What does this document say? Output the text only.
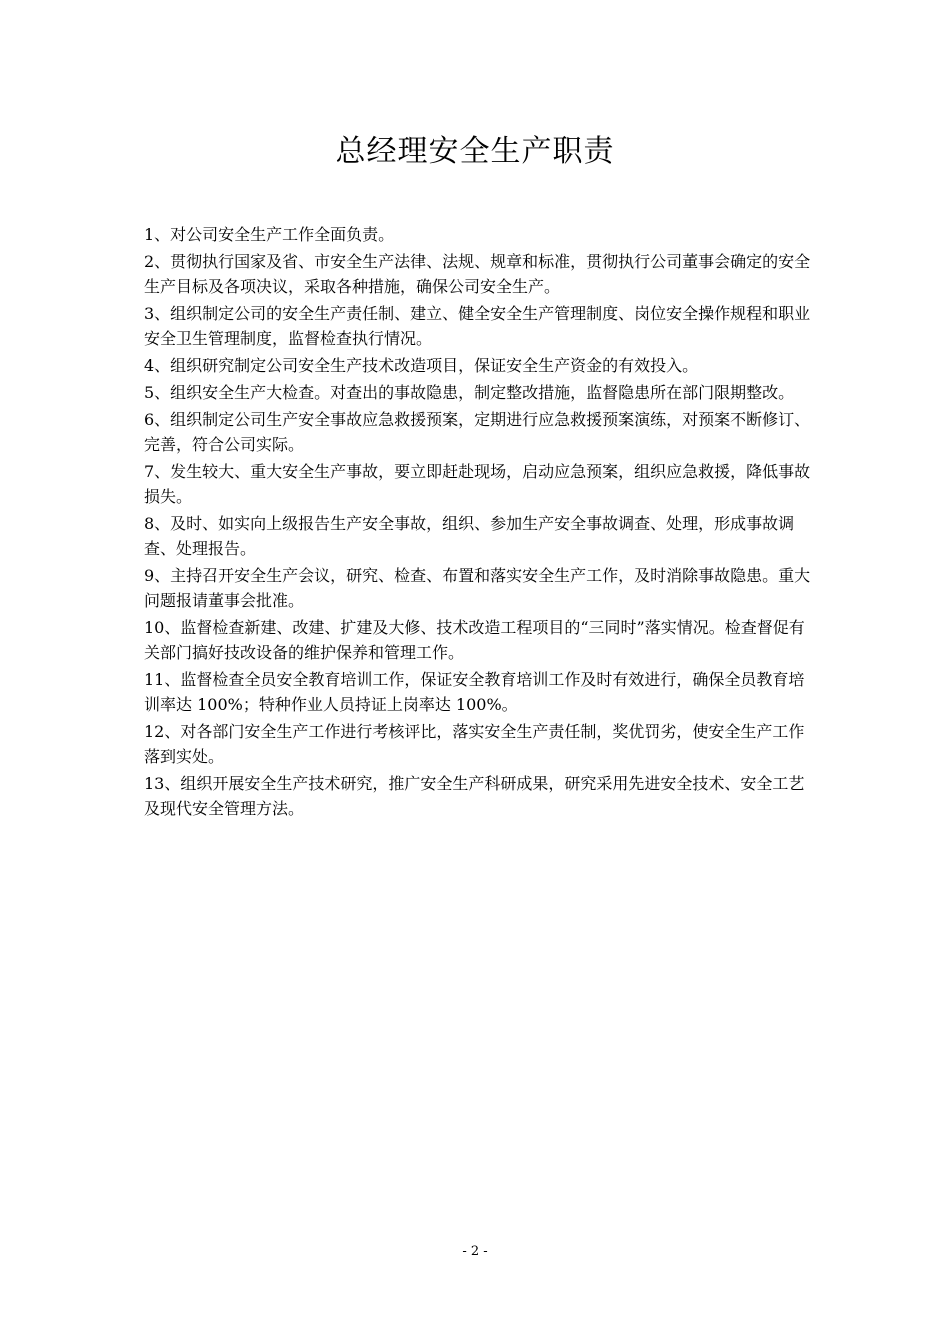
总经理安全生产职责

1、对公司安全生产工作全面负责。

2、贯彻执行国家及省、市安全生产法律、法规、规章和标准，贯彻执行公司董事会确定的安全生产目标及各项决议，采取各种措施，确保公司安全生产。

3、组织制定公司的安全生产责任制、建立、健全安全生产管理制度、岗位安全操作规程和职业安全卫生管理制度，监督检查执行情况。

4、组织研究制定公司安全生产技术改造项目，保证安全生产资金的有效投入。

5、组织安全生产大检查。对查出的事故隐患，制定整改措施，监督隐患所在部门限期整改。

6、组织制定公司生产安全事故应急救援预案，定期进行应急救援预案演练，对预案不断修订、完善，符合公司实际。

7、发生较大、重大安全生产事故，要立即赶赴现场，启动应急预案，组织应急救援，降低事故损失。

8、及时、如实向上级报告生产安全事故，组织、参加生产安全事故调查、处理，形成事故调查、处理报告。

9、主持召开安全生产会议，研究、检查、布置和落实安全生产工作，及时消除事故隐患。重大问题报请董事会批准。

10、监督检查新建、改建、扩建及大修、技术改造工程项目的“三同时”落实情况。检查督促有关部门搞好技改设备的维护保养和管理工作。

11、监督检查全员安全教育培训工作，保证安全教育培训工作及时有效进行，确保全员教育培训率达 100%；特种作业人员持证上岗率达 100%。

12、对各部门安全生产工作进行考核评比，落实安全生产责任制，奖优罚劣，使安全生产工作落到实处。

13、组织开展安全生产技术研究，推广安全生产科研成果，研究采用先进安全技术、安全工艺及现代安全管理方法。

- 2 -
